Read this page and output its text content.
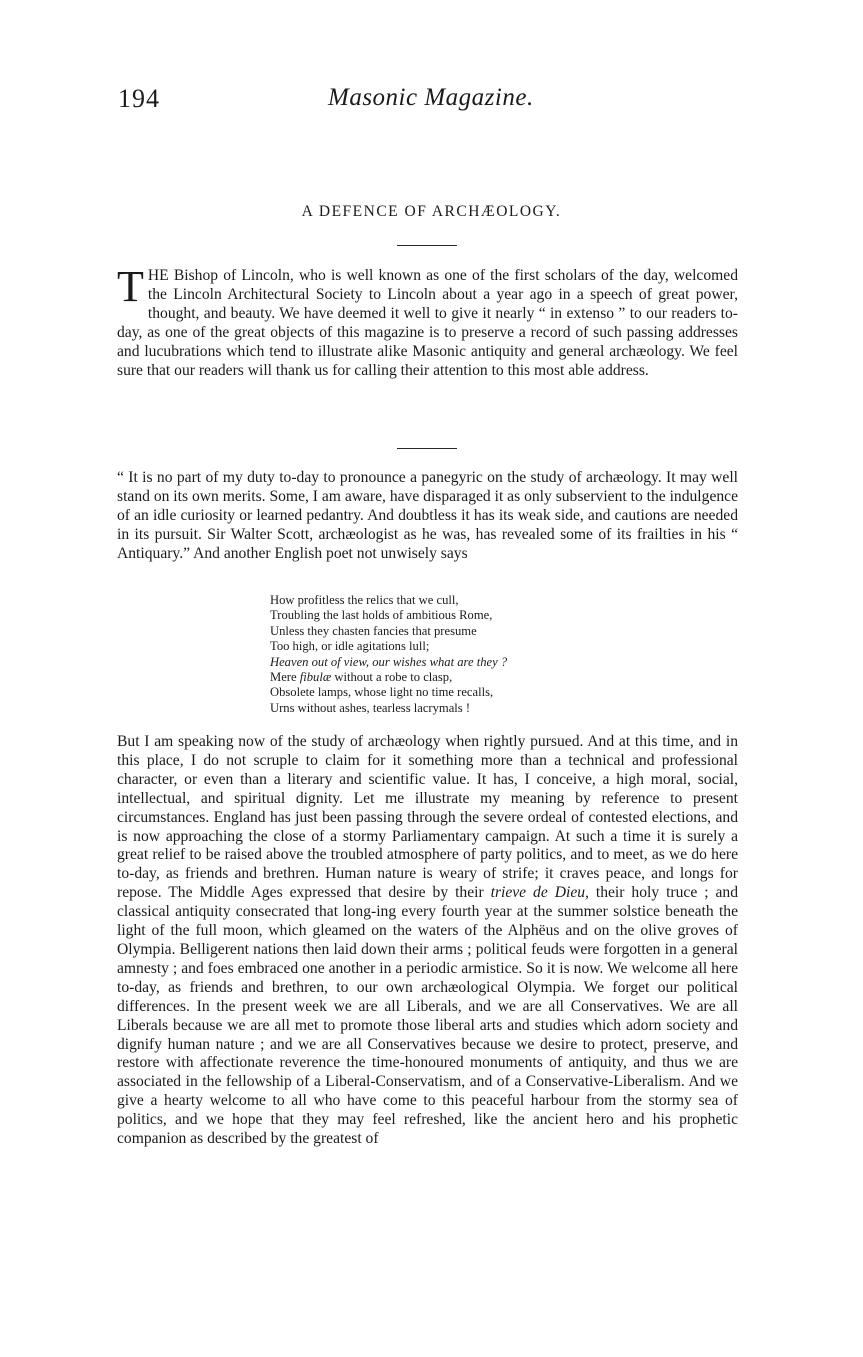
194	Masonic Magazine.
A DEFENCE OF ARCHÆOLOGY.

THE Bishop of Lincoln, who is well known as one of the first scholars of the day, welcomed the Lincoln Architectural Society to Lincoln about a year ago in a speech of great power, thought, and beauty. We have deemed it well to give it nearly “ in extenso ” to our readers to-day, as one of the great objects of this magazine is to preserve a record of such passing addresses and lucubrations which tend to illustrate alike Masonic antiquity and general archæology. We feel sure that our readers will thank us for calling their attention to this most able address.

“ It is no part of my duty to-day to pronounce a panegyric on the study of archæology. It may well stand on its own merits. Some, I am aware, have disparaged it as only subservient to the indulgence of an idle curiosity or learned pedantry. And doubtless it has its weak side, and cautions are needed in its pursuit. Sir Walter Scott, archæologist as he was, has revealed some of its frailties in his “ Antiquary.” And another English poet not unwisely says

How profitless the relics that we cull,
Troubling the last holds of ambitious Rome,
Unless they chasten fancies that presume
Too high, or idle agitations lull;
Heaven out of view, our wishes what are they ?
Mere fibulæ without a robe to clasp,
Obsolete lamps, whose light no time recalls,
Urns without ashes, tearless lacrymals !

But I am speaking now of the study of archæology when rightly pursued. And at this time, and in this place, I do not scruple to claim for it something more than a technical and professional character, or even than a literary and scientific value. It has, I conceive, a high moral, social, intellectual, and spiritual dignity. Let me illustrate my meaning by reference to present circumstances. England has just been passing through the severe ordeal of contested elections, and is now approaching the close of a stormy Parliamentary campaign. At such a time it is surely a great relief to be raised above the troubled atmosphere of party politics, and to meet, as we do here to-day, as friends and brethren. Human nature is weary of strife; it craves peace, and longs for repose. The Middle Ages expressed that desire by their trieve de Dieu, their holy truce ; and classical antiquity consecrated that long-ing every fourth year at the summer solstice beneath the light of the full moon, which gleamed on the waters of the Alphëus and on the olive groves of Olympia. Belligerent nations then laid down their arms ; political feuds were forgotten in a general amnesty ; and foes embraced one another in a periodic armistice. So it is now. We welcome all here to-day, as friends and brethren, to our own archæological Olympia. We forget our political differences. In the present week we are all Liberals, and we are all Conservatives. We are all Liberals because we are all met to promote those liberal arts and studies which adorn society and dignify human nature ; and we are all Conservatives because we desire to protect, preserve, and restore with affectionate reverence the time-honoured monuments of antiquity, and thus we are associated in the fellowship of a Liberal-Conservatism, and of a Conservative-Liberalism. And we give a hearty welcome to all who have come to this peaceful harbour from the stormy sea of politics, and we hope that they may feel refreshed, like the ancient hero and his prophetic companion as described by the greatest of
